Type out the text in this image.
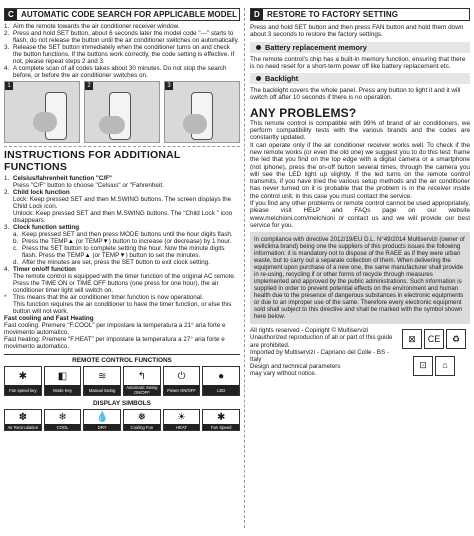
C AUTOMATIC CODE SEARCH FOR APPLICABLE MODEL
1. Aim the remote towards the air conditioner receiver window.
2. Press and hold SET button, about 6 seconds later the model code "---" starts to flash, do not release the button until the air conditioner switches on automatically.
3. Release the SET button immediately when the conditioner turns on and check the button functions. If the buttons work correctly, the code setting is effective. If not, please repeat steps 2 and 3.
4. A complete scan of all codes takes about 30 minutes. Do not stop the search before, or before the air conditioner switches on.
1	2	3
INSTRUCTIONS FOR ADDITIONAL FUNCTIONS
1. Celsius/fahrenheit function "C/F"
Press "C/F" button to choose "Celsius" or "Fahrenheit.
2. Child lock function
Lock: Keep pressed SET and then M.SWING buttons. The screen displays the Child Lock icon.
Unlock: Keep pressed SET and then M.SWING buttons. The "Child Lock " icon disappears.
3. Clock function setting
a. Keep pressed SET and then press MODE buttons until the hour digits flash.
b. Press the TEMP▲ (or TEMP▼) button to increase (or decrease) by 1 hour.
c. Press the SET button to complete setting the hour. Now the minute digits flash. Press the TEMP▲ (or TEMP▼) button to set the minutes.
d. After the minutes are set, press the SET button to exit clock setting.
4. Timer on/off function
The remote control is equipped with the timer function of the original AC remote. Press the TIME ON or TIME OFF buttons (one press for one hour), the air conditioner timer light will switch on.
*	This means that the air conditioner timer function is now operational.
This function requires the air conditioner to have the timer function, or else this button will not work.
Fast cooling and Fast Heating
Fast cooling: Premere "F.COOL" per impostare la temperatura a 21° aria forte e movimento automatico.
Fast heating: Premere "F.HEAT" per impostare la temperatura a 27° aria forte e movimento automatico.
REMOTE CONTROL FUNCTIONS
✱
Fan speed key
◧
Mode Key
≋
Manual Swing
↰
Automatic Swing ON/OFF
⏻
Power ON/OFF
●
LED
DISPLAY SIMBOLS
✽
Air Recirculation
❄
COOL
💧
DRY
❅
Cooling Fun
☀
HEAT
✱
Fan Speed
D RESTORE TO FACTORY SETTING
Press and hold SET button and then press FAN button and hold them down about 3 seconds to restore the factory settings.
Battery replacement memory
The remote control's chip has a built-in memory function, ensuring that there is no need reset for a short-term power off like battery replacement etc.
Backlight
The backlight covers the whole panel. Press any button to light it and it will switch off after 10 seconds if there is no operation.
ANY PROBLEMS?

This remote control is compatible with 99% of brand of air conditioners, we perform compatibility tests with the various brands and the codes are constantly updated.

It can operate only if the air conditioner receiver works well. To check if the new remote works (or even the old one) we suggest you to do this test: frame the led that you find on the top edge with a digital camera or a smartphone (not iphone), press the on-off button several times, through the camera you will see the LED light up slightly. If the led turns on the remote control transmits, if you have tried the various setup methods and the air conditioner has never turned on it is probable that the problem is in the receiver inside the control unit, in this case you must contact the service.

If you find any other problems or remote control cannot be used appropriately, please visit HELP and FAQs page on our website www.melchioni.com/melchioni or contact us and we will provide our best service for you.

In compliance with directive 2012/19/EU D.L. N°49/2014 Multiservizi (owner of wellclima brand) being one the suppliers of this products issues the following information: it is mandatory not to dispose of the RAEE as if they were urban waste, but to carry out a separate collection of them. When delivering the equipment upon purchase of a new one, the same manufacturer shall provide in re-using, recycling if or other forms of recycle through measures implemented and approved by the public administrations. Such information is supplied in order to prevent potential effects on the environment and human health due to the presence of dangerous substances in electronic equipments or due to an improper use of the same. Therefore every electronic equipment sold shall subject to this directive and shall be marked with the symbol shown here below.
All rights reserved - Copiright © Multiservizi
Unauthorized reproduction of all or part of this guide are prohibited.
Imported by Multiservizi - Capriano del Colle - BS - Italy
Design and technical parameters
may vary without notice.
⊠	CE	♻
⊡	⌂
